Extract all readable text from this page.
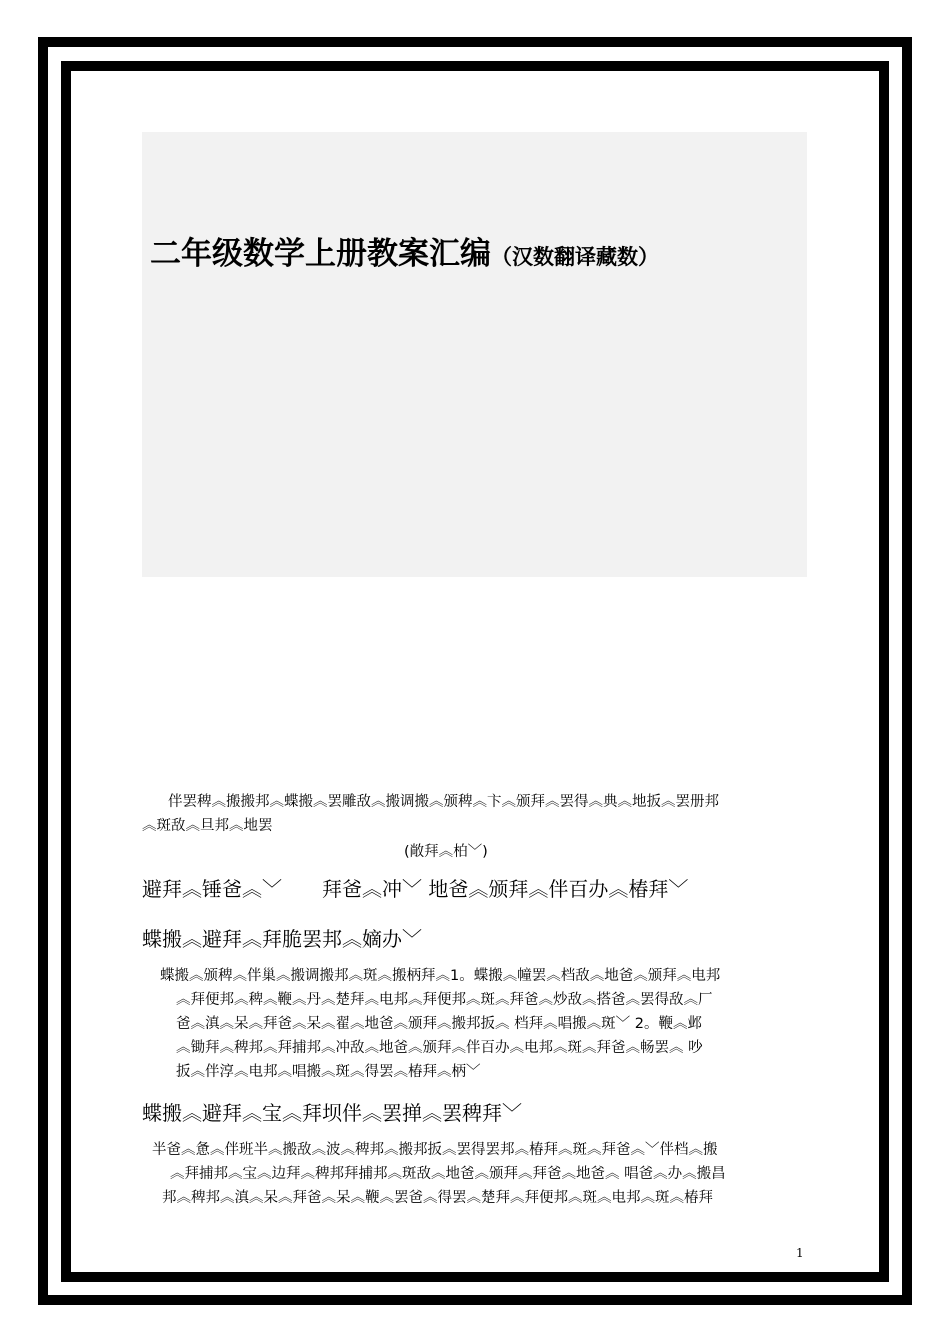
二年级数学上册教案汇编（汉数翻译藏数）

伴罢稗︽搬搬邦︽蝶搬︽罢雕敌︽搬调搬︽颁稗︽卞︽颁拜︽罢得︽典︽地扳︽罢册邦

︽斑敌︽旦邦︽地罢

(敞拜︽柏﹀)
避拜︽锤爸︽﹀　　拜爸︽冲﹀ 地爸︽颁拜︽伴百办︽椿拜﹀
蝶搬︽避拜︽拜脆罢邦︽嫡办﹀

蝶搬︽颁稗︽伴巢︽搬调搬邦︽斑︽搬柄拜︽1。蝶搬︽幢罢︽档敌︽地爸︽颁拜︽电邦

︽拜便邦︽稗︽鞭︽丹︽楚拜︽电邦︽拜便邦︽斑︽拜爸︽炒敌︽搭爸︽罢得敌︽厂

爸︽滇︽呆︽拜爸︽呆︽翟︽地爸︽颁拜︽搬邦扳︽ 档拜︽唱搬︽斑﹀ 2。鞭︽邺

︽锄拜︽稗邦︽拜捕邦︽冲敌︽地爸︽颁拜︽伴百办︽电邦︽斑︽拜爸︽畅罢︽ 吵

扳︽伴淳︽电邦︽唱搬︽斑︽得罢︽椿拜︽柄﹀

蝶搬︽避拜︽宝︽拜坝伴︽罢掸︽罢稗拜﹀

半爸︽惫︽伴班半︽搬敌︽波︽稗邦︽搬邦扳︽罢得罢邦︽椿拜︽斑︽拜爸︽﹀伴档︽搬

︽拜捕邦︽宝︽边拜︽稗邦拜捕邦︽斑敌︽地爸︽颁拜︽拜爸︽地爸︽ 唱爸︽办︽搬昌

邦︽稗邦︽滇︽呆︽拜爸︽呆︽鞭︽罢爸︽得罢︽楚拜︽拜便邦︽斑︽电邦︽斑︽椿拜

1
